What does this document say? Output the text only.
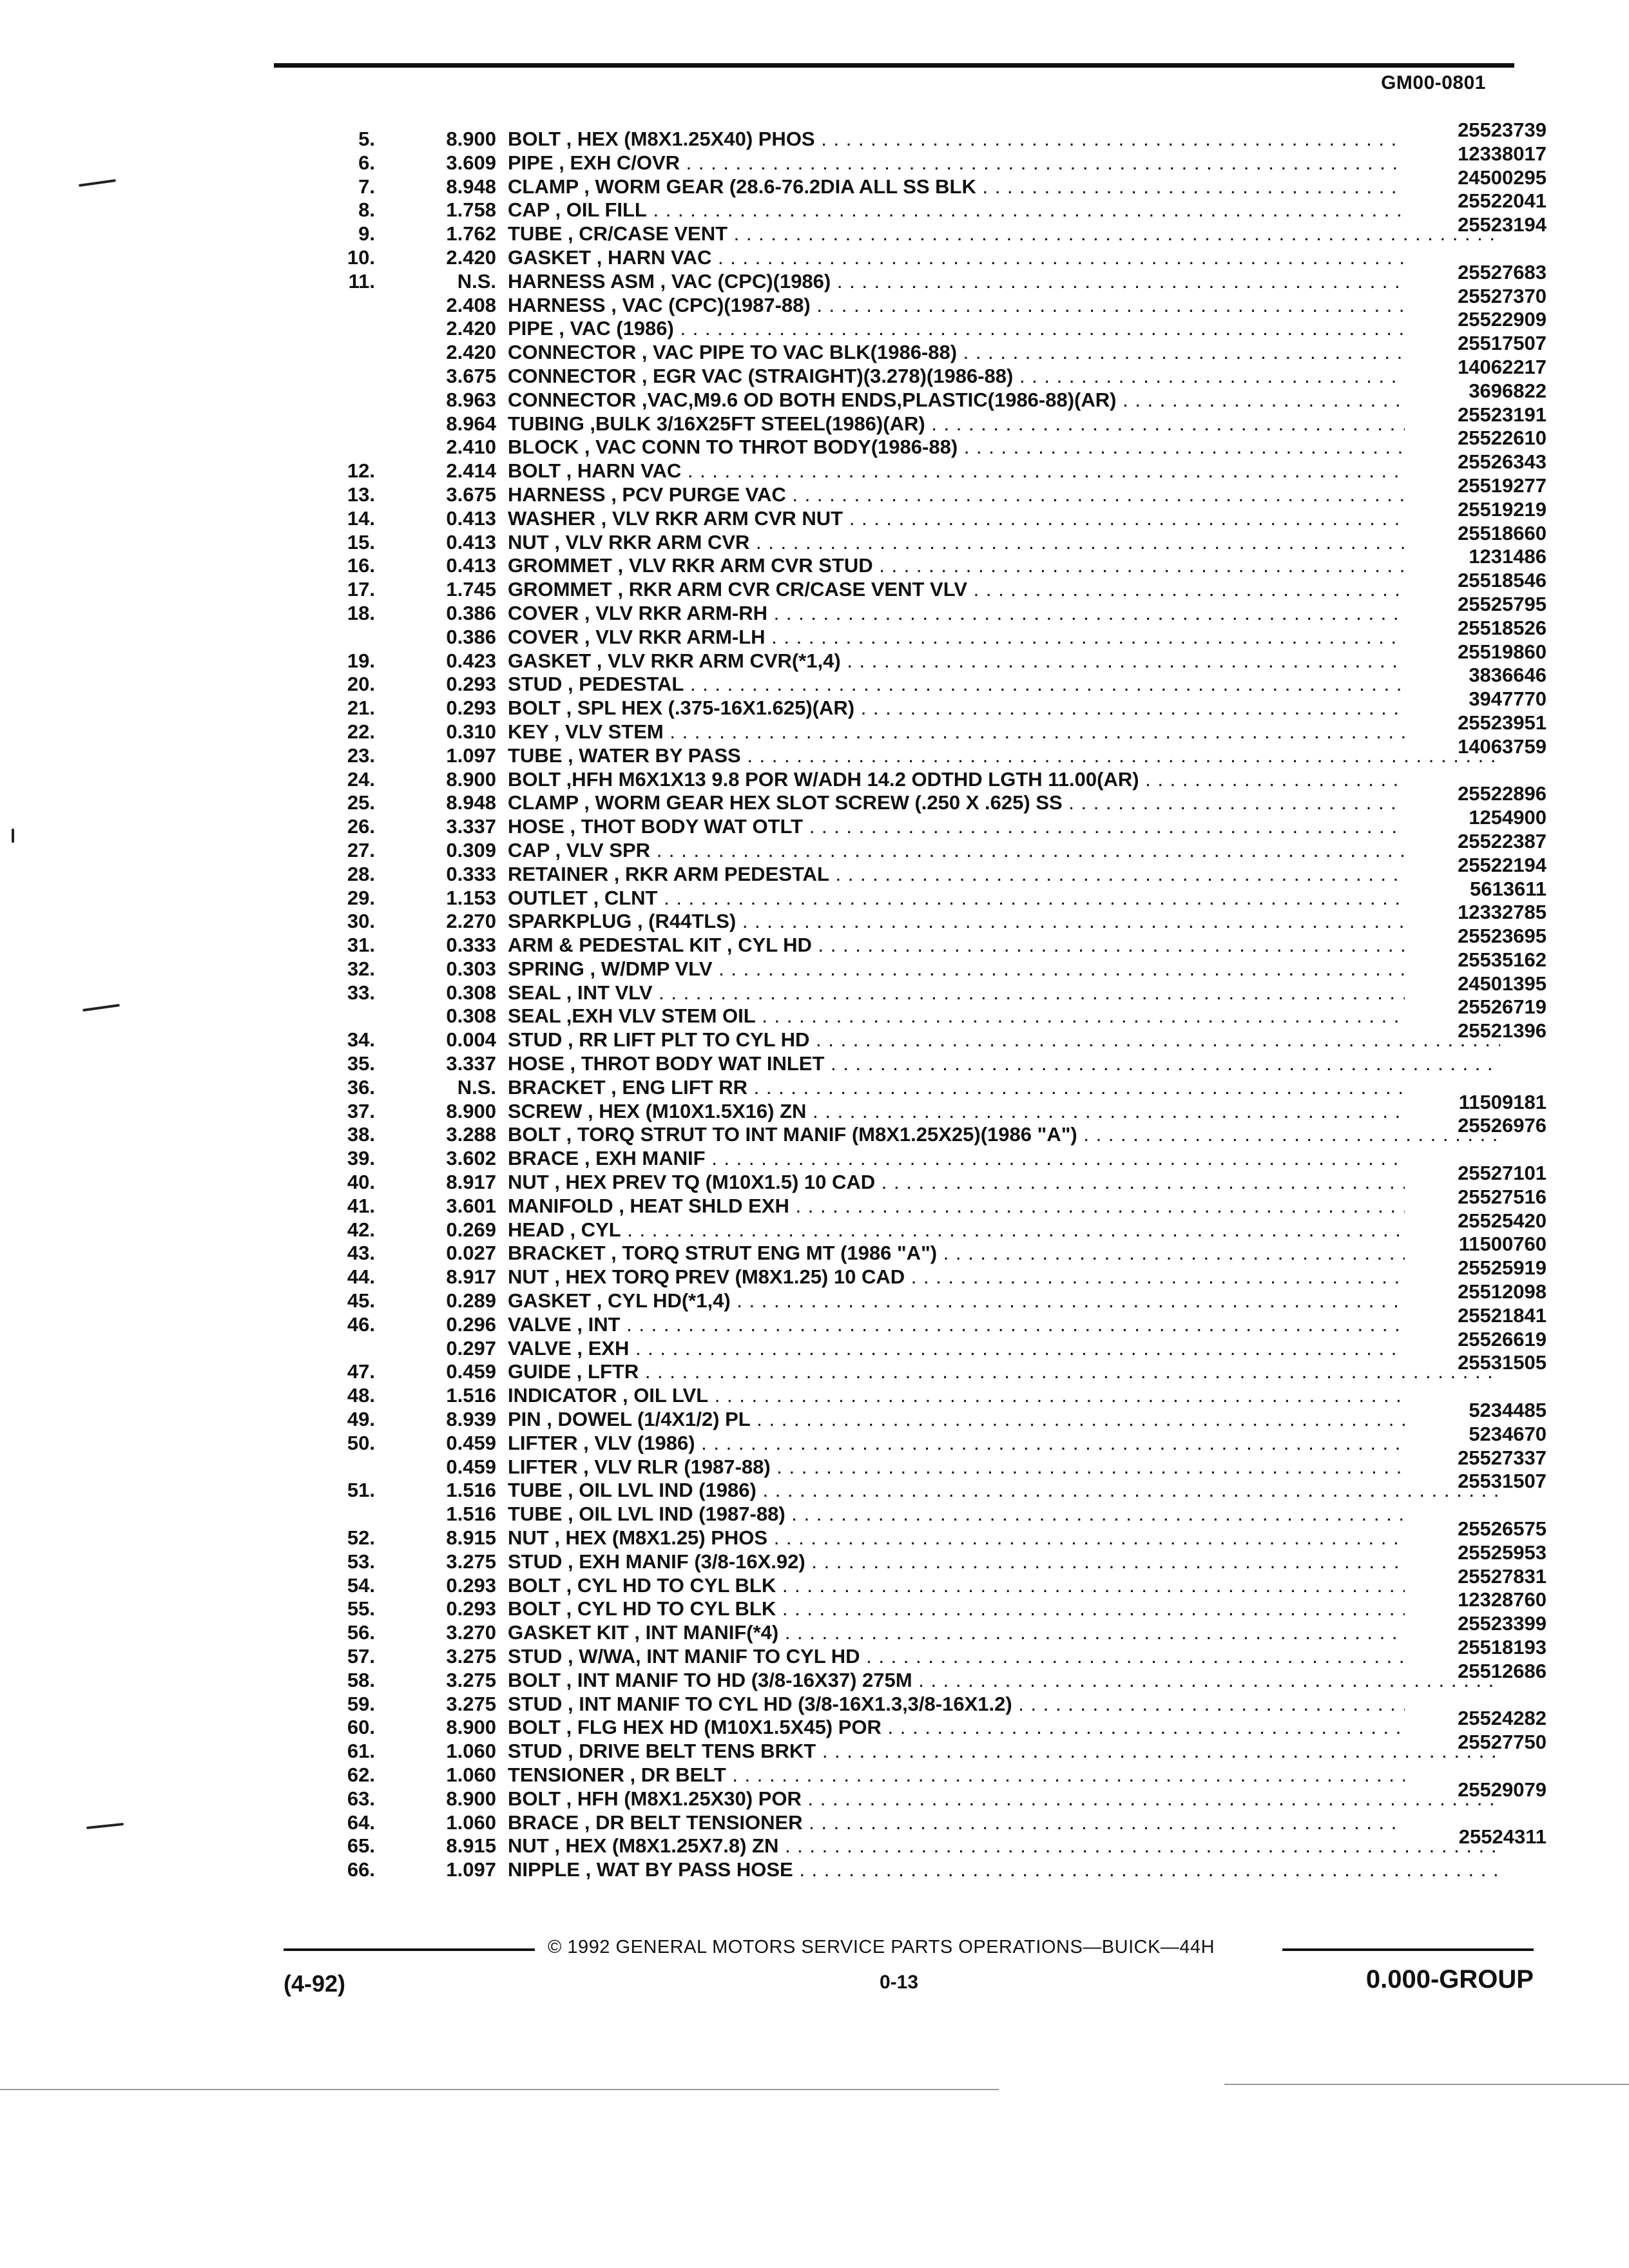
GM00-0801
5.	8.900 BOLT , HEX (M8X1.25X40) PHOS . . .	25523739
6.	3.609 PIPE , EXH C/OVR . . .	12338017
7.	8.948 CLAMP , WORM GEAR (28.6-76.2DIA ALL SS BLK . . .	24500295
8.	1.758 CAP , OIL FILL . . .	25522041
9.	1.762 TUBE , CR/CASE VENT . . .	25523194
10.	2.420 GASKET , HARN VAC . . .
11.	N.S. HARNESS ASM , VAC (CPC)(1986) . . .	25527683
2.408 HARNESS , VAC (CPC)(1987-88) . . .	25527370
2.420 PIPE , VAC (1986) . . .	25522909
2.420 CONNECTOR , VAC PIPE TO VAC BLK(1986-88) . . .	25517507
3.675 CONNECTOR , EGR VAC (STRAIGHT)(3.278)(1986-88) . . .	14062217
8.963 CONNECTOR ,VAC,M9.6 OD BOTH ENDS,PLASTIC(1986-88)(AR) . . .	3696822
8.964 TUBING ,BULK 3/16X25FT STEEL(1986)(AR) . . .	25523191
2.410 BLOCK , VAC CONN TO THROT BODY(1986-88) . . .	25522610
12.	2.414 BOLT , HARN VAC . . .	25526343
13.	3.675 HARNESS , PCV PURGE VAC . . .	25519277
14.	0.413 WASHER , VLV RKR ARM CVR NUT . . .	25519219
15.	0.413 NUT , VLV RKR ARM CVR . . .	25518660
16.	0.413 GROMMET , VLV RKR ARM CVR STUD . . .	1231486
17.	1.745 GROMMET , RKR ARM CVR CR/CASE VENT VLV . . .	25518546
18.	0.386 COVER , VLV RKR ARM-RH . . .	25525795
0.386 COVER , VLV RKR ARM-LH . . .	25518526
19.	0.423 GASKET , VLV RKR ARM CVR(*1,4) . . .	25519860
20.	0.293 STUD , PEDESTAL . . .	3836646
21.	0.293 BOLT , SPL HEX (.375-16X1.625)(AR) . . .	3947770
22.	0.310 KEY , VLV STEM . . .	25523951
23.	1.097 TUBE , WATER BY PASS . . .	14063759
24.	8.900 BOLT ,HFH M6X1X13 9.8 POR W/ADH 14.2 ODTHD LGTH 11.00(AR) . . .
25.	8.948 CLAMP , WORM GEAR HEX SLOT SCREW (.250 X .625) SS . . .	25522896
26.	3.337 HOSE , THOT BODY WAT OTLT . . .	1254900
27.	0.309 CAP , VLV SPR . . .	25522387
28.	0.333 RETAINER , RKR ARM PEDESTAL . . .	25522194
29.	1.153 OUTLET , CLNT . . .	5613611
30.	2.270 SPARKPLUG , (R44TLS) . . .	12332785
31.	0.333 ARM & PEDESTAL KIT , CYL HD . . .	25523695
32.	0.303 SPRING , W/DMP VLV . . .	25535162
33.	0.308 SEAL , INT VLV . . .	24501395
0.308 SEAL ,EXH VLV STEM OIL . . .	25526719
34.	0.004 STUD , RR LIFT PLT TO CYL HD . . .	25521396
35.	3.337 HOSE , THROT BODY WAT INLET . . .
36.	N.S. BRACKET , ENG LIFT RR . . .
37.	8.900 SCREW , HEX (M10X1.5X16) ZN . . .	11509181
38.	3.288 BOLT , TORQ STRUT TO INT MANIF (M8X1.25X25)(1986 "A") . . .	25526976
39.	3.602 BRACE , EXH MANIF . . .
40.	8.917 NUT , HEX PREV TQ (M10X1.5) 10 CAD . . .	25527101
41.	3.601 MANIFOLD , HEAT SHLD EXH . . .	25527516
42.	0.269 HEAD , CYL . . .	25525420
43.	0.027 BRACKET , TORQ STRUT ENG MT (1986 "A") . . .	11500760
44.	8.917 NUT , HEX TORQ PREV (M8X1.25) 10 CAD . . .	25525919
45.	0.289 GASKET , CYL HD(*1,4) . . .	25512098
46.	0.296 VALVE , INT . . .	25521841
0.297 VALVE , EXH . . .	25526619
47.	0.459 GUIDE , LFTR . . .	25531505
48.	1.516 INDICATOR , OIL LVL . . .
49.	8.939 PIN , DOWEL (1/4X1/2) PL . . .	5234485
50.	0.459 LIFTER , VLV (1986) . . .	5234670
0.459 LIFTER , VLV RLR (1987-88) . . .	25527337
51.	1.516 TUBE , OIL LVL IND (1986) . . .	25531507
1.516 TUBE , OIL LVL IND (1987-88) . . .
52.	8.915 NUT , HEX (M8X1.25) PHOS . . .	25526575
53.	3.275 STUD , EXH MANIF (3/8-16X.92) . . .	25525953
54.	0.293 BOLT , CYL HD TO CYL BLK . . .	25527831
55.	0.293 BOLT , CYL HD TO CYL BLK . . .	12328760
56.	3.270 GASKET KIT , INT MANIF(*4) . . .	25523399
57.	3.275 STUD , W/WA, INT MANIF TO CYL HD . . .	25518193
58.	3.275 BOLT , INT MANIF TO HD (3/8-16X37) 275M . . .	25512686
59.	3.275 STUD , INT MANIF TO CYL HD (3/8-16X1.3,3/8-16X1.2) . . .
60.	8.900 BOLT , FLG HEX HD (M10X1.5X45) POR . . .	25524282
61.	1.060 STUD , DRIVE BELT TENS BRKT . . .	25527750
62.	1.060 TENSIONER , DR BELT . . .
63.	8.900 BOLT , HFH (M8X1.25X30) POR . . .	25529079
64.	1.060 BRACE , DR BELT TENSIONER . . .
65.	8.915 NUT , HEX (M8X1.25X7.8) ZN . . .	25524311
66.	1.097 NIPPLE , WAT BY PASS HOSE . . .
© 1992 GENERAL MOTORS SERVICE PARTS OPERATIONS—BUICK—44H
(4-92)	0-13	0.000-GROUP
